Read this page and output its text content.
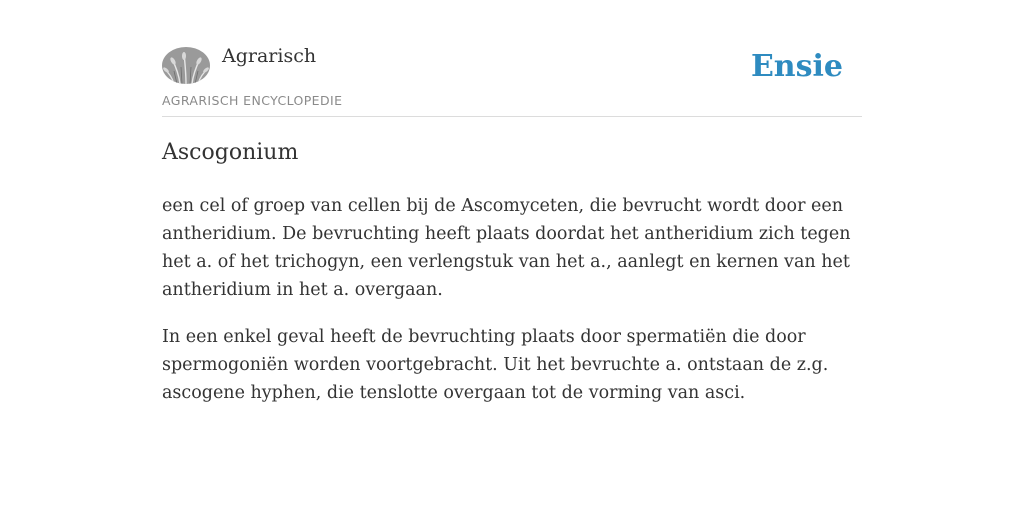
Agrarisch
AGRARISCH ENCYCLOPEDIE
Ensie
Ascogonium

een cel of groep van cellen bij de Ascomyceten, die bevrucht wordt door een antheridium. De bevruchting heeft plaats doordat het antheridium zich tegen het a. of het trichogyn, een verlengstuk van het a., aanlegt en kernen van het antheridium in het a. overgaan.

In een enkel geval heeft de bevruchting plaats door spermatiën die door spermogoniën worden voortgebracht. Uit het bevruchte a. ontstaan de z.g. ascogene hyphen, die tenslotte overgaan tot de vorming van asci.
